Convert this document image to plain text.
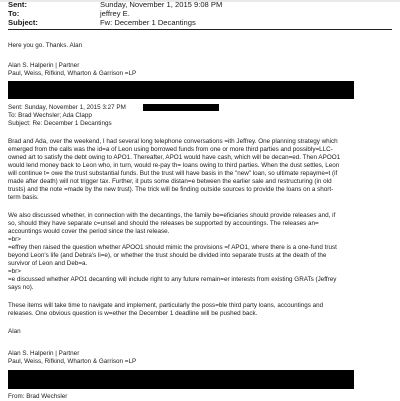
Sent:	Sunday, November 1, 2015 9:08 PM
To:	jeffrey E.
Subject:	Fw: December 1 Decantings
Here you go. Thanks. Alan
Alan S. Halperin | Partner
Paul, Weiss, Rifkind, Wharton & Garrison =LP
Sent: Sunday, November 1, 2015 3:27 PM
To: Brad Wechsler; Ada Clapp
Subject: Re: December 1 Decantings
Brad and Ada, over the weekend, I had several long telephone conversations =ith Jeffrey. One planning strategy which
emerged from the calls was the id=a of Leon using borrowed funds from one or more third parties and possibly=LLC-
owned art to satisfy the debt owing to APO1. Thereafter, APO1 would have cash, which will be decan=ed. Then APOO1
would lend money back to Leon who, in turn, would re-pay th= loans owing to third parties. When the dust settles, Leon
will continue t= owe the trust substantial funds. But the trust will have basis in the "new" loan, so ultimate repayme=t (if
made after death) will not trigger tax. Further, it puts some distan=e between the earlier sale and restructuring (in old
trusts) and the note =made by the new trust). The trick will be finding outside sources to provide the loans on a short-
term basis.
We also discussed whether, in connection with the decantings, the family be=eficiaries should provide releases and, if
so, should they have separate c=unsel and should the releases be supported by accountings. The releases an=
accountings would cover the period since the last release.
=br>
=effrey then raised the question whether APOO1 should mimic the provisions =f APO1, where there is a one-fund trust
beyond Leon's life (and Debra's li=e), or whether the trust should be divided into separate trusts at the death of the
survivor of Leon and Deb=a.
=br>
=e discussed whether APO1 decanting will include right to any future remain=er interests from existing GRATs (Jeffrey
says no).
These items will take time to navigate and implement, particularly the poss=ble third party loans, accountings and
releases. One obvious question is w=ether the December 1 deadline will be pushed back.
Alan
Alan S. Halperin | Partner
Paul, Weiss, Rifkind, Wharton & Garrison =LP
From: Brad Wechsler
